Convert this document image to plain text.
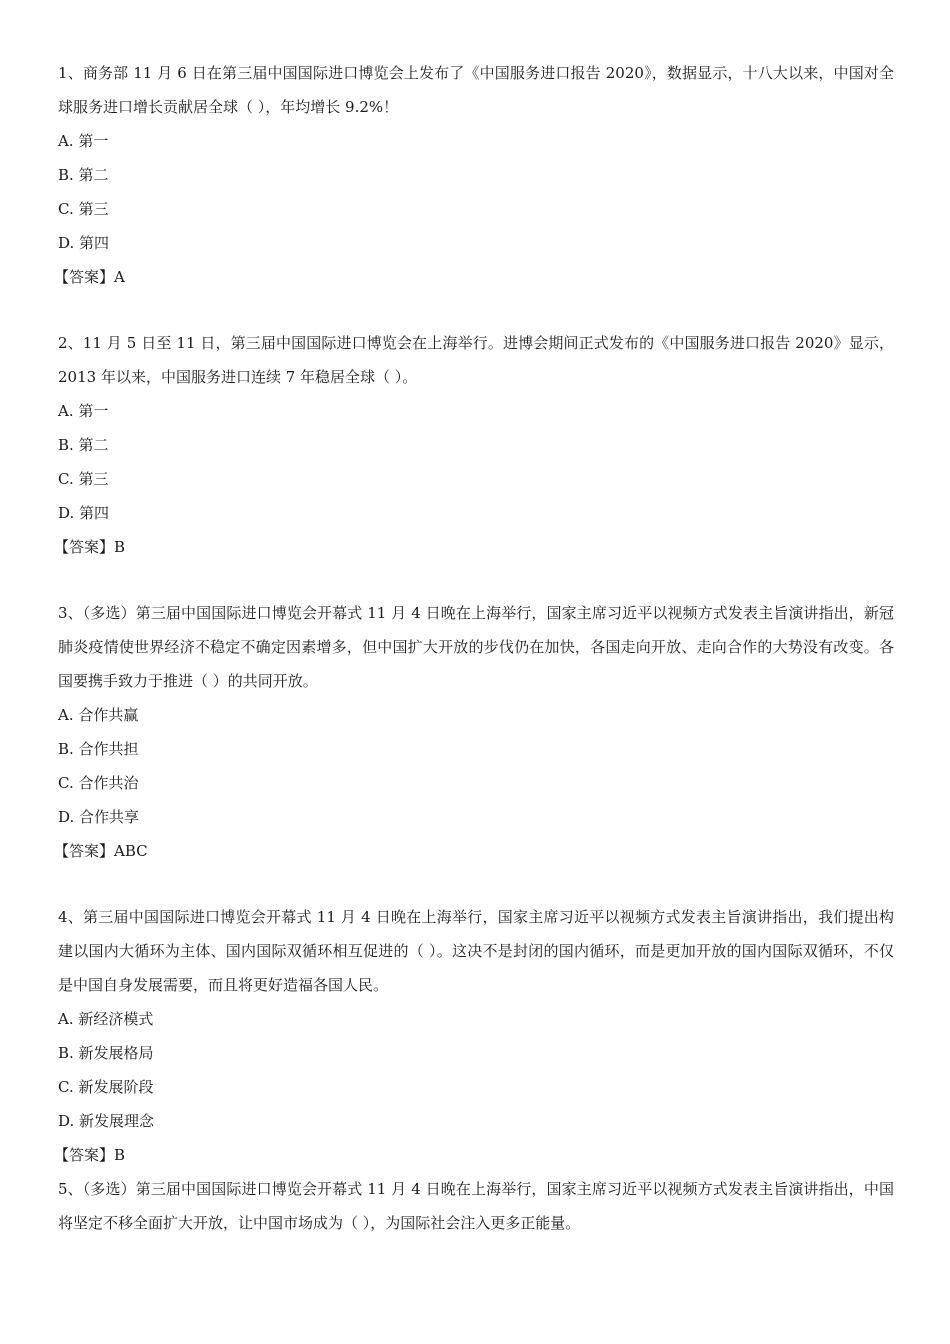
1、商务部 11 月 6 日在第三届中国国际进口博览会上发布了《中国服务进口报告 2020》，数据显示，十八大以来，中国对全球服务进口增长贡献居全球（ ），年均增长 9.2%！

A. 第一

B. 第二

C. 第三

D. 第四

【答案】A

2、11 月 5 日至 11 日，第三届中国国际进口博览会在上海举行。进博会期间正式发布的《中国服务进口报告 2020》显示，2013 年以来，中国服务进口连续 7 年稳居全球（ ）。

A. 第一

B. 第二

C. 第三

D. 第四

【答案】B

3、（多选）第三届中国国际进口博览会开幕式 11 月 4 日晚在上海举行，国家主席习近平以视频方式发表主旨演讲指出，新冠肺炎疫情使世界经济不稳定不确定因素增多，但中国扩大开放的步伐仍在加快，各国走向开放、走向合作的大势没有改变。各国要携手致力于推进（ ）的共同开放。

A. 合作共赢

B. 合作共担

C. 合作共治

D. 合作共享

【答案】ABC

4、第三届中国国际进口博览会开幕式 11 月 4 日晚在上海举行，国家主席习近平以视频方式发表主旨演讲指出，我们提出构建以国内大循环为主体、国内国际双循环相互促进的（ ）。这决不是封闭的国内循环，而是更加开放的国内国际双循环，不仅是中国自身发展需要，而且将更好造福各国人民。

A. 新经济模式

B. 新发展格局

C. 新发展阶段

D. 新发展理念

【答案】B

5、（多选）第三届中国国际进口博览会开幕式 11 月 4 日晚在上海举行，国家主席习近平以视频方式发表主旨演讲指出，中国将坚定不移全面扩大开放，让中国市场成为（ ），为国际社会注入更多正能量。
